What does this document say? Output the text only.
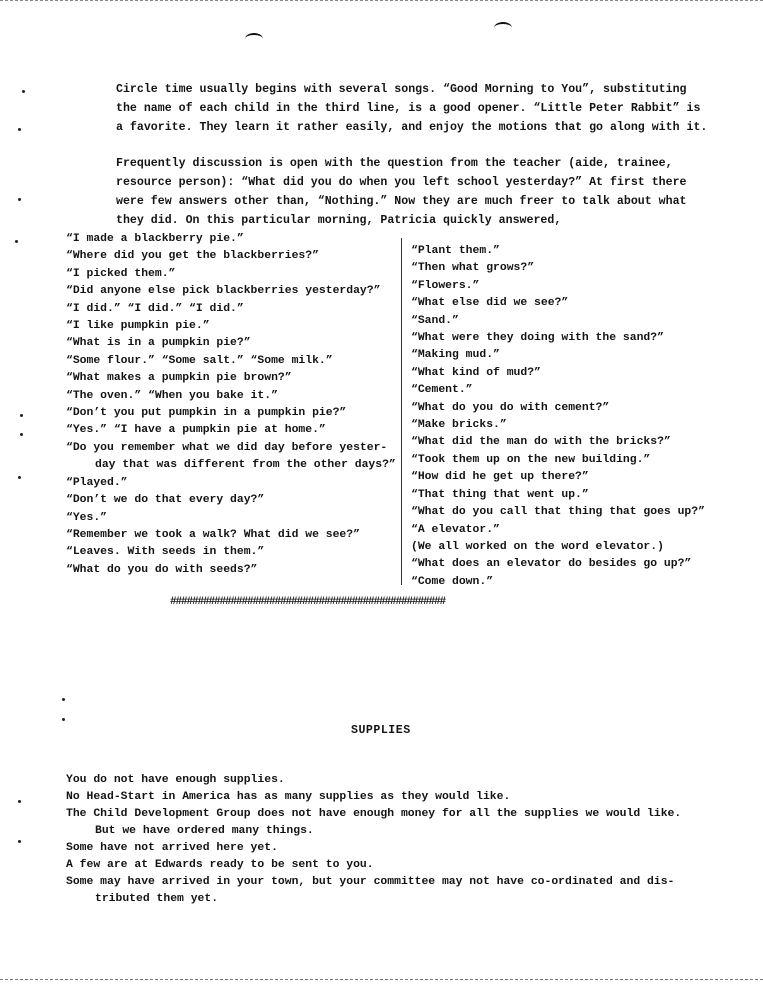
Circle time usually begins with several songs. “Good Morning to You”, substituting
the name of each child in the third line, is a good opener. “Little Peter Rabbit” is
a favorite. They learn it rather easily, and enjoy the motions that go along with it.
Frequently discussion is open with the question from the teacher (aide, trainee,
resource person): “What did you do when you left school yesterday?” At first there
were few answers other than, “Nothing.” Now they are much freer to talk about what
they did. On this particular morning, Patricia quickly answered,
“I made a blackberry pie.”
“Where did you get the blackberries?”
“I picked them.”
“Did anyone else pick blackberries yesterday?”
“I did.” “I did.” “I did.”
“I like pumpkin pie.”
“What is in a pumpkin pie?”
“Some flour.” “Some salt.” “Some milk.”
“What makes a pumpkin pie brown?”
“The oven.” “When you bake it.”
“Don’t you put pumpkin in a pumpkin pie?”
“Yes.” “I have a pumpkin pie at home.”
“Do you remember what we did day before yester-
day that was different from the other days?”
“Played.”
“Don’t we do that every day?”
“Yes.”
“Remember we took a walk? What did we see?”
“Leaves. With seeds in them.”
“What do you do with seeds?”
“Plant them.”
“Then what grows?”
“Flowers.”
“What else did we see?”
“Sand.”
“What were they doing with the sand?”
“Making mud.”
“What kind of mud?”
“Cement.”
“What do you do with cement?”
“Make bricks.”
“What did the man do with the bricks?”
“Took them up on the new building.”
“How did he get up there?”
“That thing that went up.”
“What do you call that thing that goes up?”
“A elevator.”
(We all worked on the word elevator.)
“What does an elevator do besides go up?”
“Come down.”
##################################################
SUPPLIES
You do not have enough supplies.
No Head-Start in America has as many supplies as they would like.
The Child Development Group does not have enough money for all the supplies we would like.
But we have ordered many things.
Some have not arrived here yet.
A few are at Edwards ready to be sent to you.
Some may have arrived in your town, but your committee may not have co-ordinated and dis-
tributed them yet.
